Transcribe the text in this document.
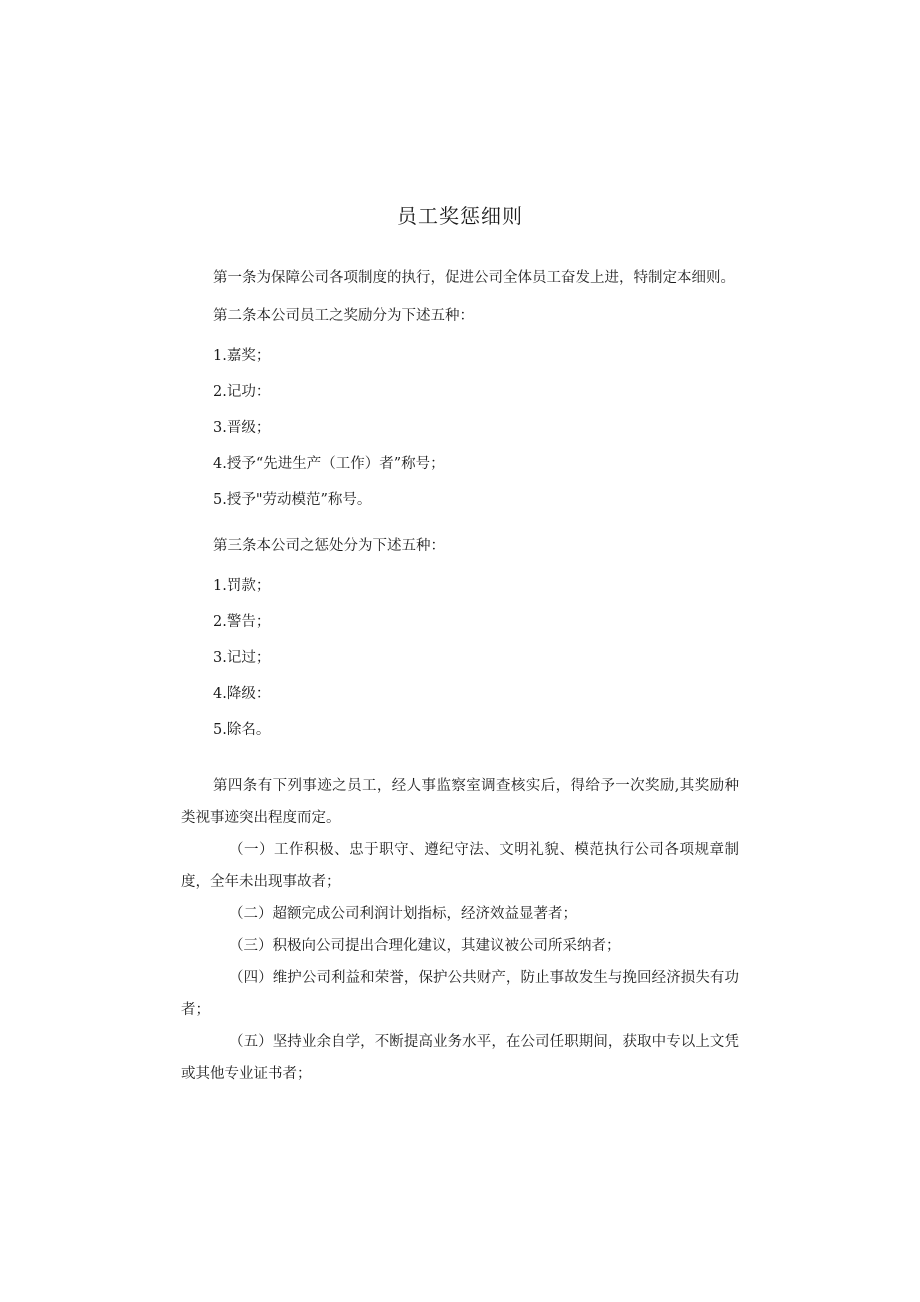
员工奖惩细则

第一条为保障公司各项制度的执行，促进公司全体员工奋发上进，特制定本细则。

第二条本公司员工之奖励分为下述五种：

1.嘉奖；

2.记功：

3.晋级；

4.授予“先进生产（工作）者”称号；

5.授予"劳动模范”称号。

第三条本公司之惩处分为下述五种：

1.罚款；

2.警告；

3.记过；

4.降级：

5.除名。

第四条有下列事迹之员工，经人事监察室调查核实后，得给予一次奖励,其奖励种类视事迹突出程度而定。

（一）工作积极、忠于职守、遵纪守法、文明礼貌、模范执行公司各项规章制度，全年未出现事故者；

（二）超额完成公司利润计划指标，经济效益显著者；

（三）积极向公司提出合理化建议，其建议被公司所采纳者；

（四）维护公司利益和荣誉，保护公共财产，防止事故发生与挽回经济损失有功者；

（五）坚持业余自学，不断提高业务水平，在公司任职期间，获取中专以上文凭或其他专业证书者；
